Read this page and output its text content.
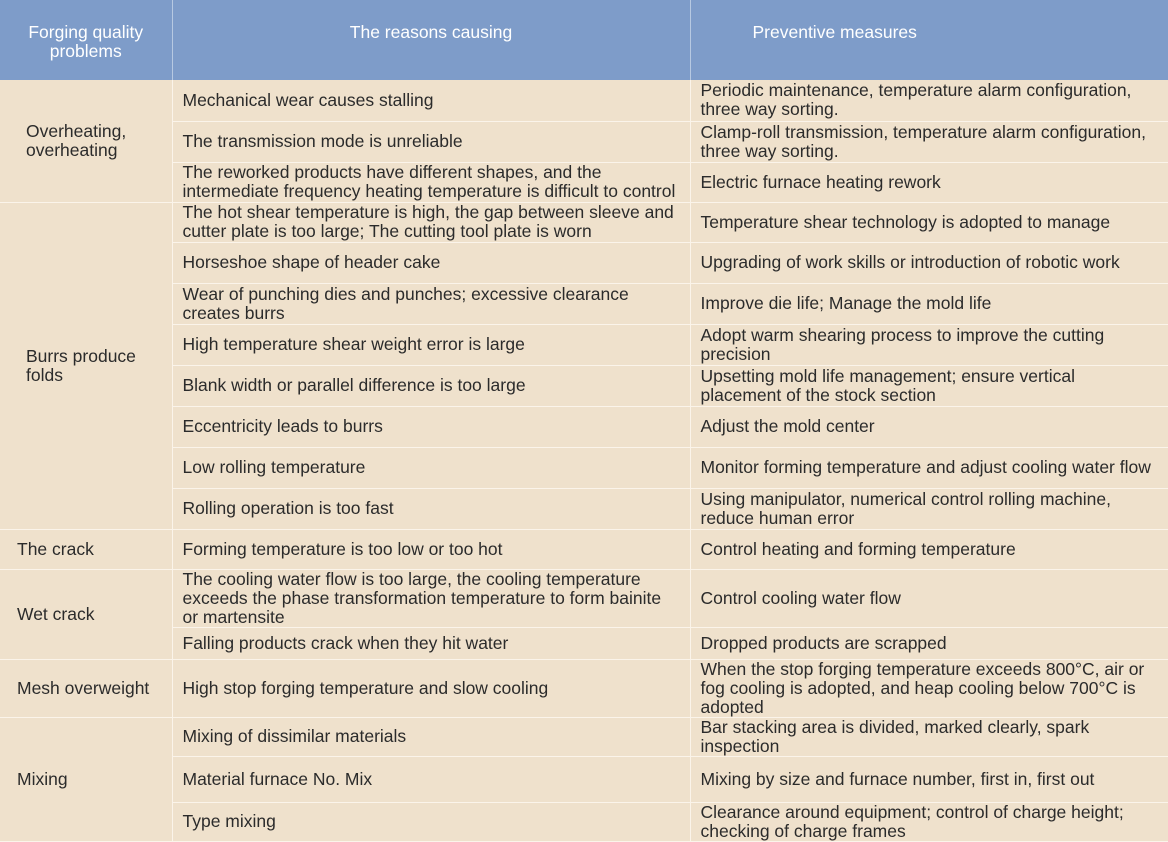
Forging quality problems	The reasons causing	Preventive measures

Overheating, overheating	Mechanical wear causes stalling	Periodic maintenance, temperature alarm configuration, three way sorting.
	The transmission mode is unreliable	Clamp-roll transmission, temperature alarm configuration, three way sorting.
	The reworked products have different shapes, and the intermediate frequency heating temperature is difficult to control	Electric furnace heating rework

Burrs produce folds	The hot shear temperature is high, the gap between sleeve and cutter plate is too large; The cutting tool plate is worn	Temperature shear technology is adopted to manage
	Horseshoe shape of header cake	Upgrading of work skills or introduction of robotic work
	Wear of punching dies and punches; excessive clearance creates burrs	Improve die life; Manage the mold life
	High temperature shear weight error is large	Adopt warm shearing process to improve the cutting precision
	Blank width or parallel difference is too large	Upsetting mold life management; ensure vertical placement of the stock section
	Eccentricity leads to burrs	Adjust the mold center
	Low rolling temperature	Monitor forming temperature and adjust cooling water flow
	Rolling operation is too fast	Using manipulator, numerical control rolling machine, reduce human error
The crack	Forming temperature is too low or too hot	Control heating and forming temperature

Wet crack	The cooling water flow is too large, the cooling temperature exceeds the phase transformation temperature to form bainite or martensite	Control cooling water flow
	Falling products crack when they hit water	Dropped products are scrapped
Mesh overweight	High stop forging temperature and slow cooling	When the stop forging temperature exceeds 800°C, air or fog cooling is adopted, and heap cooling below 700°C is adopted

Mixing	Mixing of dissimilar materials	Bar stacking area is divided, marked clearly, spark inspection
	Material furnace No. Mix	Mixing by size and furnace number, first in, first out
	Type mixing	Clearance around equipment; control of charge height; checking of charge frames
